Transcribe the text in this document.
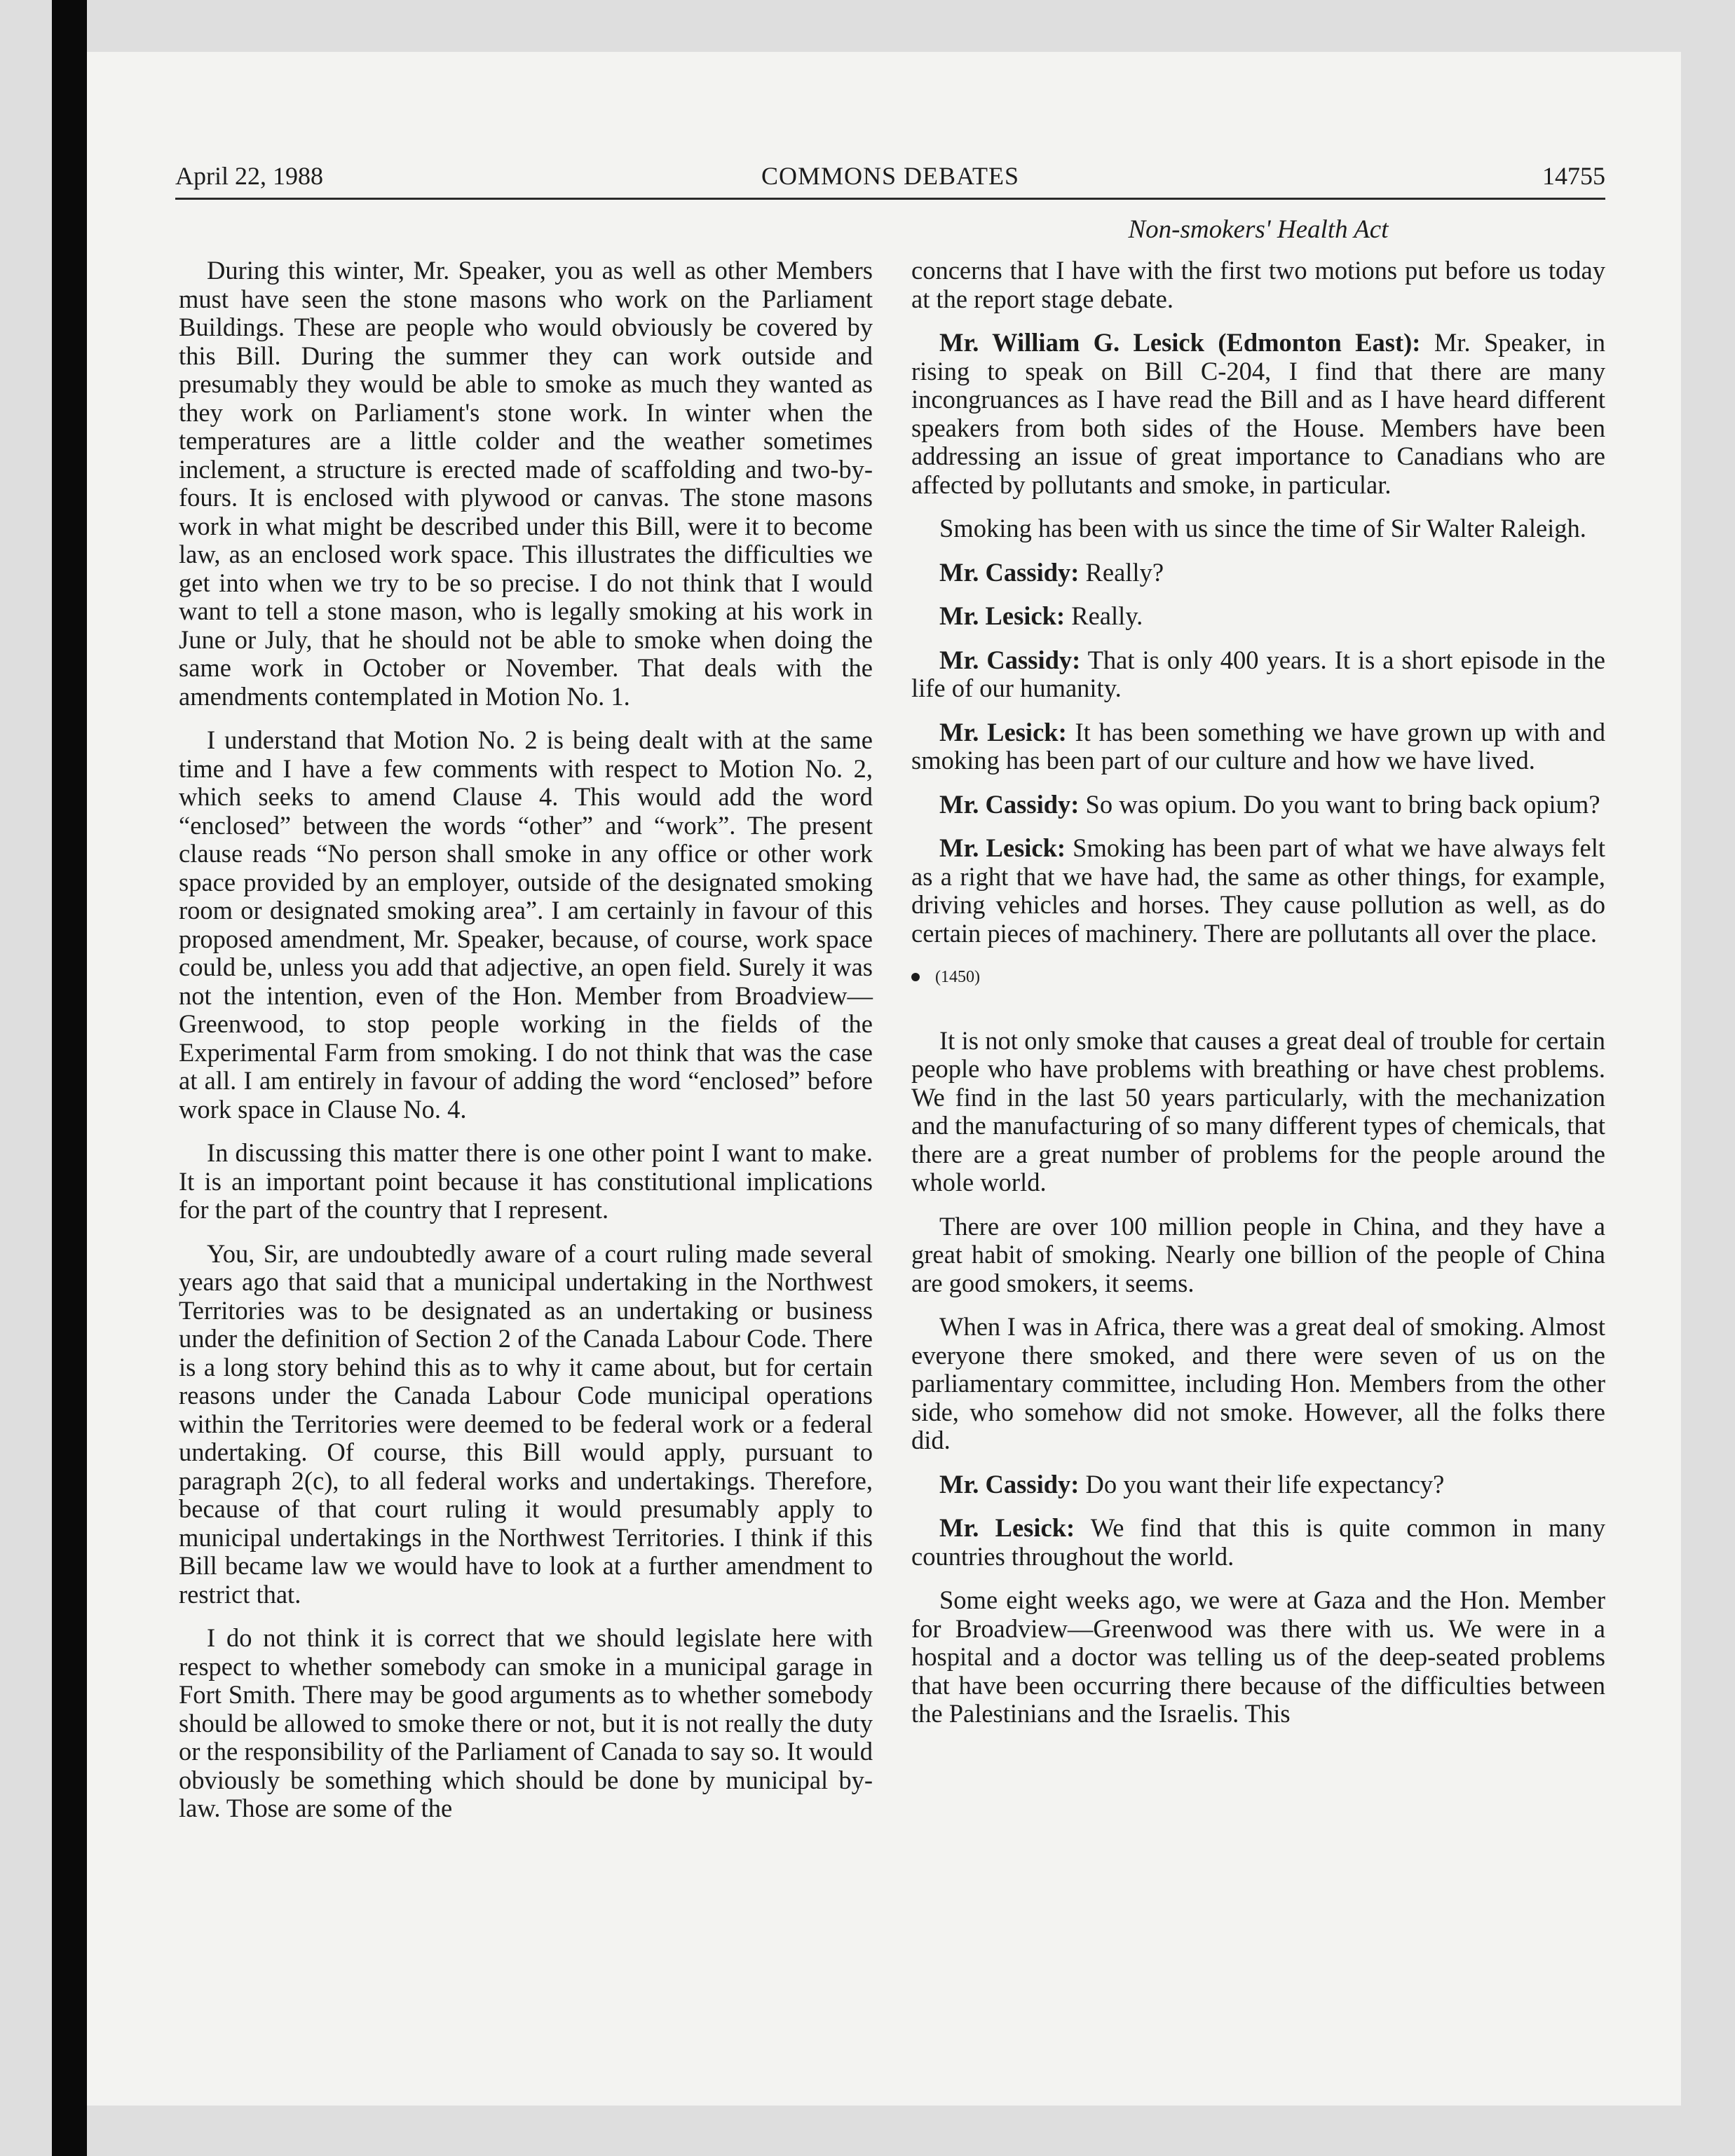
COMMONS DEBATES
April 22, 1988	14755
Non-smokers' Health Act

During this winter, Mr. Speaker, you as well as other Members must have seen the stone masons who work on the Parliament Buildings. These are people who would obviously be covered by this Bill. During the summer they can work outside and presumably they would be able to smoke as much they wanted as they work on Parliament's stone work. In winter when the temperatures are a little colder and the weather sometimes inclement, a structure is erected made of scaffolding and two-by-fours. It is enclosed with plywood or canvas. The stone masons work in what might be described under this Bill, were it to become law, as an enclosed work space. This illustrates the difficulties we get into when we try to be so precise. I do not think that I would want to tell a stone mason, who is legally smoking at his work in June or July, that he should not be able to smoke when doing the same work in October or November. That deals with the amendments contemplated in Motion No. 1.

I understand that Motion No. 2 is being dealt with at the same time and I have a few comments with respect to Motion No. 2, which seeks to amend Clause 4. This would add the word “enclosed” between the words “other” and “work”. The present clause reads “No person shall smoke in any office or other work space provided by an employer, outside of the designated smoking room or designated smoking area”. I am certainly in favour of this proposed amendment, Mr. Speaker, because, of course, work space could be, unless you add that adjective, an open field. Surely it was not the intention, even of the Hon. Member from Broadview—Greenwood, to stop people working in the fields of the Experimental Farm from smoking. I do not think that was the case at all. I am entirely in favour of adding the word “enclosed” before work space in Clause No. 4.

In discussing this matter there is one other point I want to make. It is an important point because it has constitutional implications for the part of the country that I represent.

You, Sir, are undoubtedly aware of a court ruling made several years ago that said that a municipal undertaking in the Northwest Territories was to be designated as an undertaking or business under the definition of Section 2 of the Canada Labour Code. There is a long story behind this as to why it came about, but for certain reasons under the Canada Labour Code municipal operations within the Territories were deemed to be federal work or a federal undertaking. Of course, this Bill would apply, pursuant to paragraph 2(c), to all federal works and undertakings. Therefore, because of that court ruling it would presumably apply to municipal undertakings in the Northwest Territories. I think if this Bill became law we would have to look at a further amendment to restrict that.

I do not think it is correct that we should legislate here with respect to whether somebody can smoke in a municipal garage in Fort Smith. There may be good arguments as to whether somebody should be allowed to smoke there or not, but it is not really the duty or the responsibility of the Parliament of Canada to say so. It would obviously be something which should be done by municipal by-law. Those are some of the

concerns that I have with the first two motions put before us today at the report stage debate.

Mr. William G. Lesick (Edmonton East): Mr. Speaker, in rising to speak on Bill C-204, I find that there are many incongruances as I have read the Bill and as I have heard different speakers from both sides of the House. Members have been addressing an issue of great importance to Canadians who are affected by pollutants and smoke, in particular.

Smoking has been with us since the time of Sir Walter Raleigh.

Mr. Cassidy: Really?

Mr. Lesick: Really.

Mr. Cassidy: That is only 400 years. It is a short episode in the life of our humanity.

Mr. Lesick: It has been something we have grown up with and smoking has been part of our culture and how we have lived.

Mr. Cassidy: So was opium. Do you want to bring back opium?

Mr. Lesick: Smoking has been part of what we have always felt as a right that we have had, the same as other things, for example, driving vehicles and horses. They cause pollution as well, as do certain pieces of machinery. There are pollutants all over the place.

(1450)

It is not only smoke that causes a great deal of trouble for certain people who have problems with breathing or have chest problems. We find in the last 50 years particularly, with the mechanization and the manufacturing of so many different types of chemicals, that there are a great number of problems for the people around the whole world.

There are over 100 million people in China, and they have a great habit of smoking. Nearly one billion of the people of China are good smokers, it seems.

When I was in Africa, there was a great deal of smoking. Almost everyone there smoked, and there were seven of us on the parliamentary committee, including Hon. Members from the other side, who somehow did not smoke. However, all the folks there did.

Mr. Cassidy: Do you want their life expectancy?

Mr. Lesick: We find that this is quite common in many countries throughout the world.

Some eight weeks ago, we were at Gaza and the Hon. Member for Broadview—Greenwood was there with us. We were in a hospital and a doctor was telling us of the deep-seated problems that have been occurring there because of the difficulties between the Palestinians and the Israelis. This
